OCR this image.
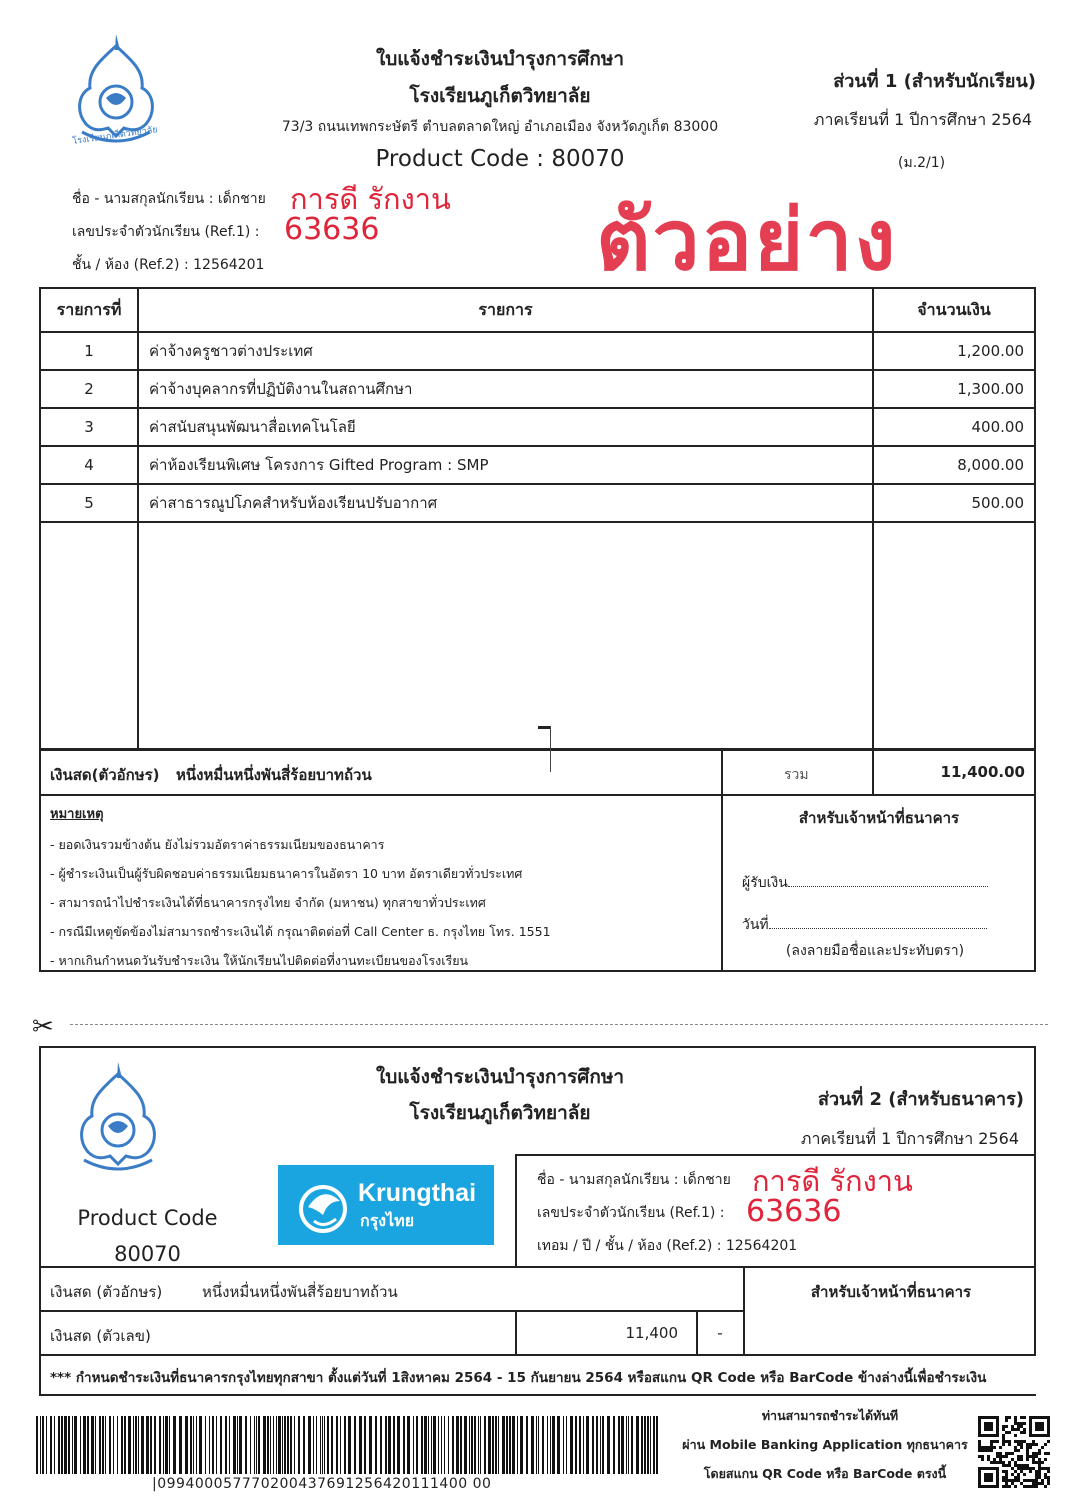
โรงเรียนภูเก็ตวิทยาลัย
ใบแจ้งชำระเงินบำรุงการศึกษา
โรงเรียนภูเก็ตวิทยาลัย
73/3 ถนนเทพกระษัตรี ตำบลตลาดใหญ่ อำเภอเมือง จังหวัดภูเก็ต 83000
Product Code : 80070
ส่วนที่ 1 (สำหรับนักเรียน)
ภาคเรียนที่ 1 ปีการศึกษา 2564
(ม.2/1)
ชื่อ - นามสกุลนักเรียน : เด็กชาย การดี รักงาน
เลขประจำตัวนักเรียน (Ref.1) : 63636
ชั้น / ห้อง (Ref.2) : 12564201	ตัวอย่าง
รายการที่	รายการ	จำนวนเงิน
1	ค่าจ้างครูชาวต่างประเทศ	1,200.00
2	ค่าจ้างบุคลากรที่ปฏิบัติงานในสถานศึกษา	1,300.00
3	ค่าสนับสนุนพัฒนาสื่อเทคโนโลยี	400.00
4	ค่าห้องเรียนพิเศษ โครงการ Gifted Program : SMP	8,000.00
5	ค่าสาธารณูปโภคสำหรับห้องเรียนปรับอากาศ	500.00

เงินสด(ตัวอักษร) หนึ่งหมื่นหนึ่งพันสี่ร้อยบาทถ้วน	รวม	11,400.00
หมายเหตุ
- ยอดเงินรวมข้างต้น ยังไม่รวมอัตราค่าธรรมเนียมของธนาคาร
- ผู้ชำระเงินเป็นผู้รับผิดชอบค่าธรรมเนียมธนาคารในอัตรา 10 บาท อัตราเดียวทั่วประเทศ
- สามารถนำไปชำระเงินได้ที่ธนาคารกรุงไทย จำกัด (มหาชน) ทุกสาขาทั่วประเทศ
- กรณีมีเหตุขัดข้องไม่สามารถชำระเงินได้ กรุณาติดต่อที่ Call Center ธ. กรุงไทย โทร. 1551
- หากเกินกำหนดวันรับชำระเงิน ให้นักเรียนไปติดต่อที่งานทะเบียนของโรงเรียน
สำหรับเจ้าหน้าที่ธนาคาร
ผู้รับเงิน
วันที่
(ลงลายมือชื่อและประทับตรา)
✂
ใบแจ้งชำระเงินบำรุงการศึกษา
โรงเรียนภูเก็ตวิทยาลัย
ส่วนที่ 2 (สำหรับธนาคาร)
ภาคเรียนที่ 1 ปีการศึกษา 2564
Product Code
80070
Krungthai
กรุงไทย
ชื่อ - นามสกุลนักเรียน : เด็กชาย การดี รักงาน
เลขประจำตัวนักเรียน (Ref.1) : 63636
เทอม / ปี / ชั้น / ห้อง (Ref.2) : 12564201
เงินสด (ตัวอักษร)	หนึ่งหมื่นหนึ่งพันสี่ร้อยบาทถ้วน	สำหรับเจ้าหน้าที่ธนาคาร
เงินสด (ตัวเลข)	11,400	-
*** กำหนดชำระเงินที่ธนาคารกรุงไทยทุกสาขา ตั้งแต่วันที่ 1สิงหาคม 2564 - 15 กันยายน 2564 หรือสแกน QR Code หรือ BarCode ข้างล่างนี้เพื่อชำระเงิน
|099400057770200437691256420111400 00
ท่านสามารถชำระได้ทันที
ผ่าน Mobile Banking Application ทุกธนาคาร
โดยสแกน QR Code หรือ BarCode ตรงนี้
